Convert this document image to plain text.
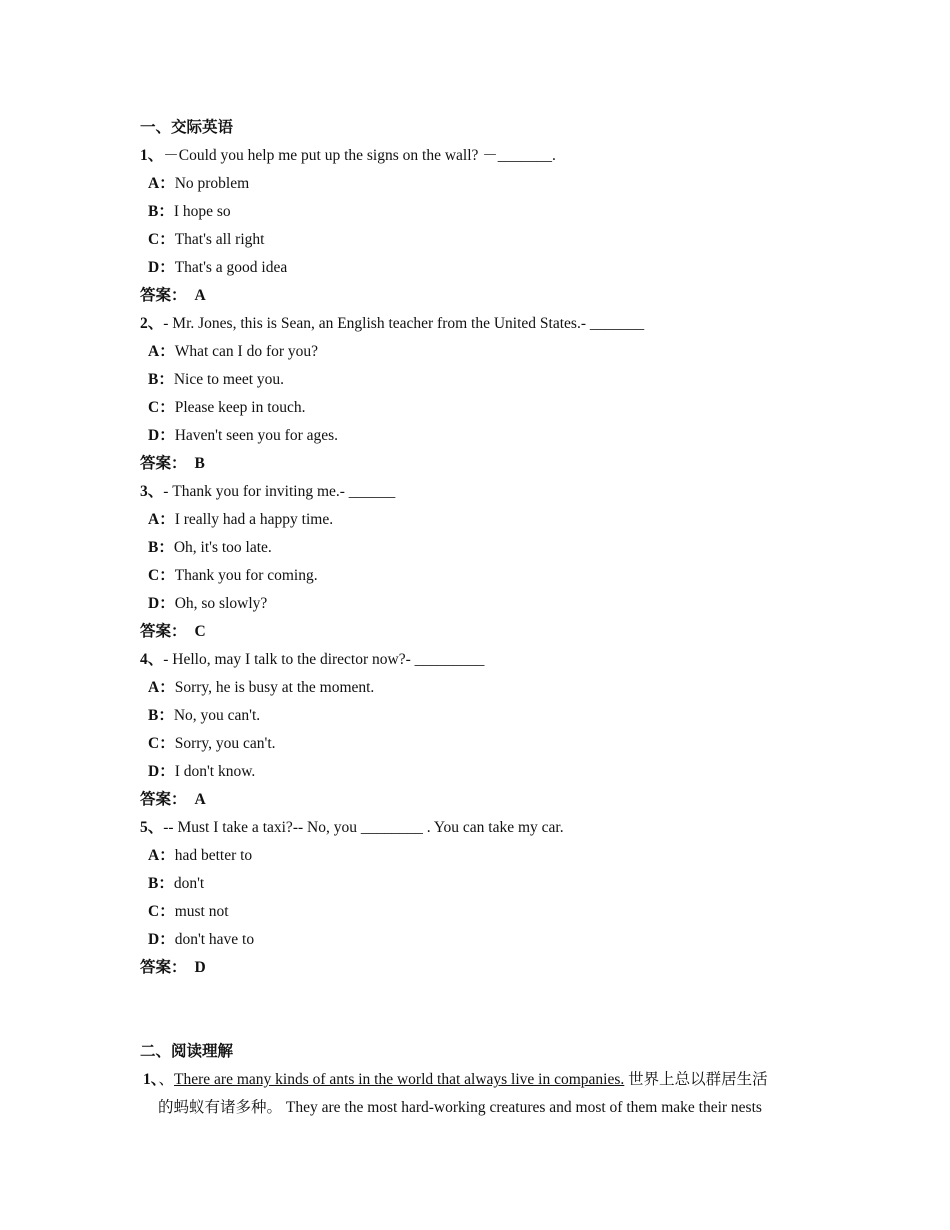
一、交际英语
1、－Could you help me put up the signs on the wall? －_______.
A：No problem
B：I hope so
C：That's all right
D：That's a good idea
答案： A
2、- Mr. Jones, this is Sean, an English teacher from the United States.- _______
A：What can I do for you?
B：Nice to meet you.
C：Please keep in touch.
D：Haven't seen you for ages.
答案： B
3、- Thank you for inviting me.- ______
A：I really had a happy time.
B：Oh, it's too late.
C：Thank you for coming.
D：Oh, so slowly?
答案： C
4、- Hello, may I talk to the director now?- _________
A：Sorry, he is busy at the moment.
B：No, you can't.
C：Sorry, you can't.
D：I don't know.
答案： A
5、-- Must I take a taxi?-- No, you ________ . You can take my car.
A：had better to
B：don't
C：must not
D：don't have to
答案： D
二、阅读理解
1、、There are many kinds of ants in the world that always live in companies. 世界上总以群居生活
的蚂蚁有诸多种。 They are the most hard-working creatures and most of them make their nests
